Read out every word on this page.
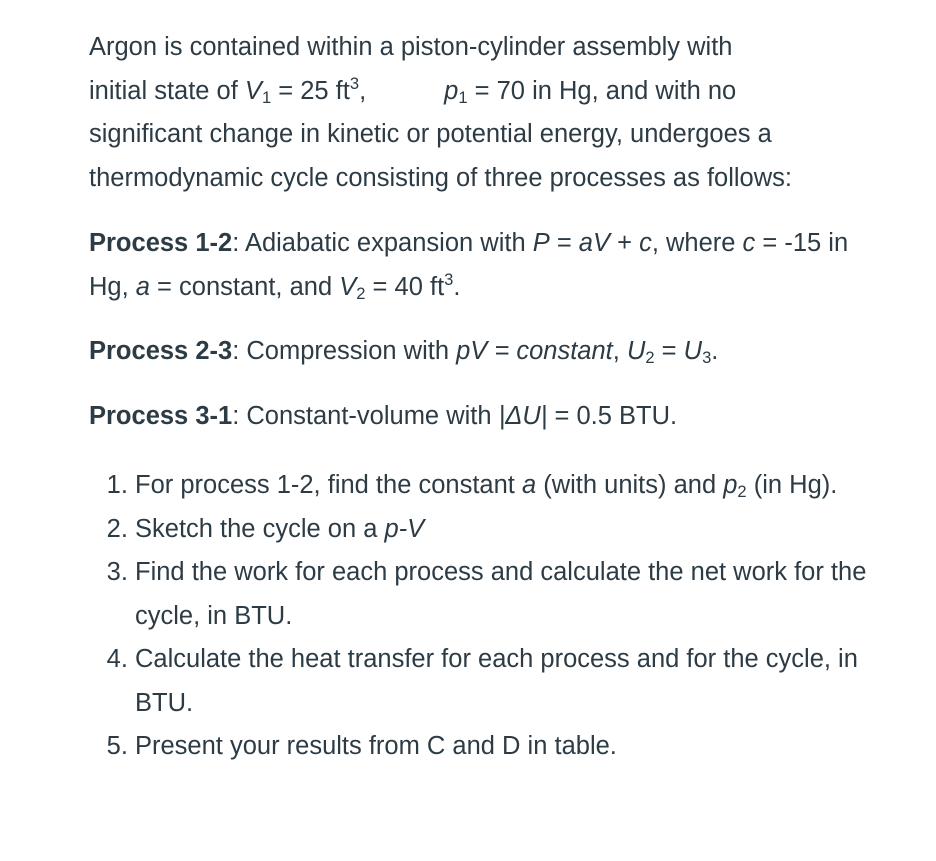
Argon is contained within a piston-cylinder assembly with
initial state of $V_1 = 25$ $ft^3$,	$p_1 = 70$ in Hg, and with no
significant change in kinetic or potential energy, undergoes a
thermodynamic cycle consisting of three processes as follows:

Process 1-2: Adiabatic expansion with P = aV + c, where c = -15 in Hg, a = constant, and $V_2 = 40$ $ft^3$.

Process 2-3: Compression with pV = constant, $U_2 = U_3$.

Process 3-1: Constant-volume with |ΔU| = 0.5 BTU.

1. For process 1-2, find the constant a (with units) and $p_2$ (in Hg).
2. Sketch the cycle on a p-V
3. Find the work for each process and calculate the net work for the cycle, in BTU.
4. Calculate the heat transfer for each process and for the cycle, in BTU.
5. Present your results from C and D in table.
